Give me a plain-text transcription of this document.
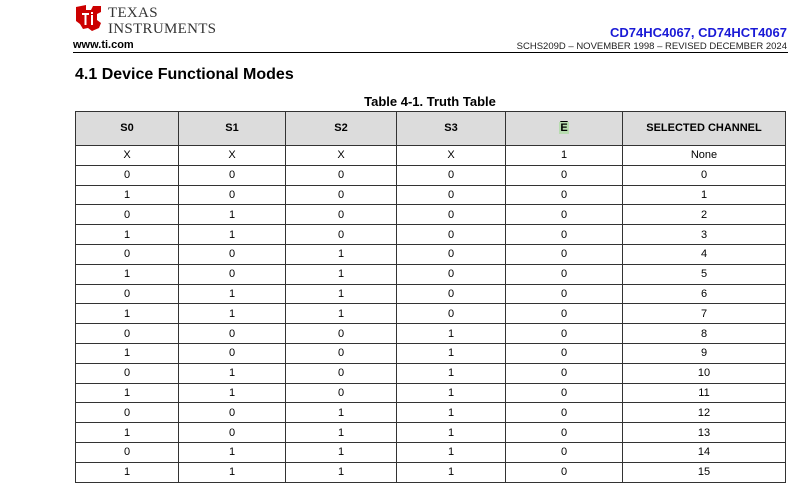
TEXAS
INSTRUMENTS
www.ti.com
CD74HC4067, CD74HCT4067
SCHS209D – NOVEMBER 1998 – REVISED DECEMBER 2024
4.1 Device Functional Modes
Table 4-1. Truth Table
S0	S1	S2	S3	$\overline{E}$	SELECTED CHANNEL
X	X	X	X	1	None
0	0	0	0	0	0
1	0	0	0	0	1
0	1	0	0	0	2
1	1	0	0	0	3
0	0	1	0	0	4
1	0	1	0	0	5
0	1	1	0	0	6
1	1	1	0	0	7
0	0	0	1	0	8
1	0	0	1	0	9
0	1	0	1	0	10
1	1	0	1	0	11
0	0	1	1	0	12
1	0	1	1	0	13
0	1	1	1	0	14
1	1	1	1	0	15
